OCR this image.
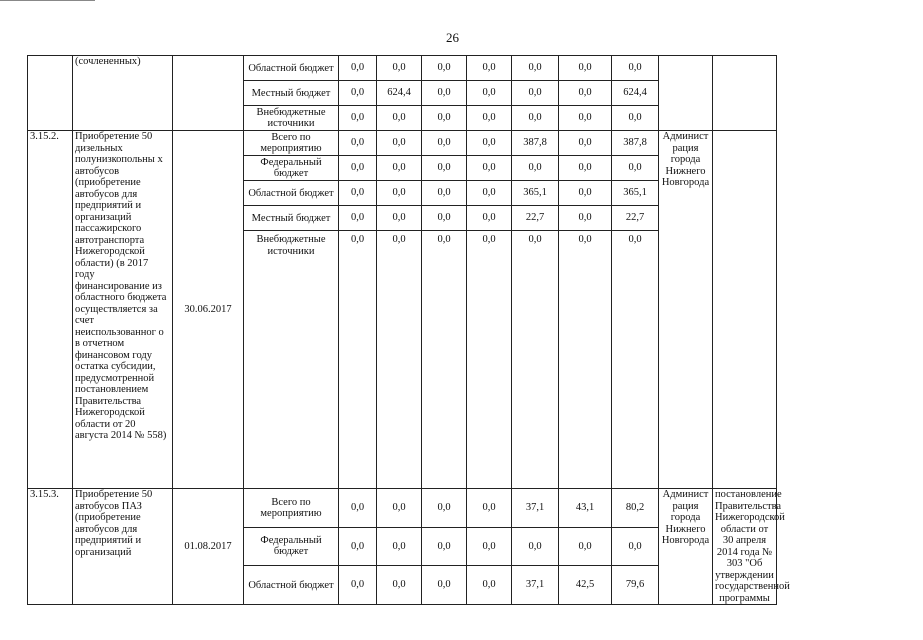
26
	(сочлененных)		Областной бюджет	0,0	0,0	0,0	0,0	0,0	0,0	0,0		
			Местный бюджет	0,0	624,4	0,0	0,0	0,0	0,0	624,4		
			Внебюджетные источники	0,0	0,0	0,0	0,0	0,0	0,0	0,0		
3.15.2.	Приобретение 50 дизельных полунизкопольны х автобусов (приобретение автобусов для предприятий и организаций пассажирского автотранспорта Нижегородской области) (в 2017 году финансирование из областного бюджета осуществляется за счет неиспользованног о в отчетном финансовом году остатка субсидии, предусмотренной постановлением Правительства Нижегородской области от 20 августа 2014 № 558)	30.06.2017	Всего по мероприятию	0,0	0,0	0,0	0,0	387,8	0,0	387,8	Админист рация города Нижнего Новгорода	
			Федеральный бюджет	0,0	0,0	0,0	0,0	0,0	0,0	0,0		
			Областной бюджет	0,0	0,0	0,0	0,0	365,1	0,0	365,1		
			Местный бюджет	0,0	0,0	0,0	0,0	22,7	0,0	22,7		
			Внебюджетные источники	0,0	0,0	0,0	0,0	0,0	0,0	0,0		
3.15.3.	Приобретение 50 автобусов ПАЗ (приобретение автобусов для предприятий и организаций	01.08.2017	Всего по мероприятию	0,0	0,0	0,0	0,0	37,1	43,1	80,2	Админист рация города Нижнего Новгорода	постановление Правительства Нижегородской области от 30 апреля 2014 года № 303 "Об утверждении государственной программы
			Федеральный бюджет	0,0	0,0	0,0	0,0	0,0	0,0	0,0		
			Областной бюджет	0,0	0,0	0,0	0,0	37,1	42,5	79,6		
